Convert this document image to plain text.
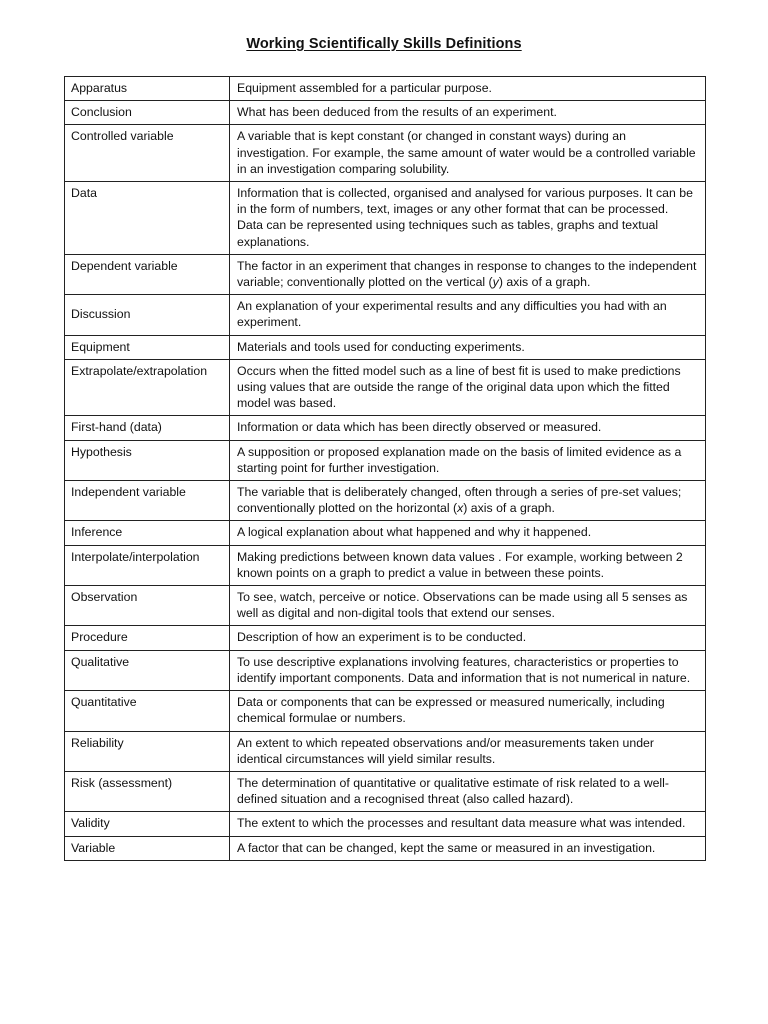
Working Scientifically Skills Definitions
Apparatus	Equipment assembled for a particular purpose.
Conclusion	What has been deduced from the results of an experiment.
Controlled variable	A variable that is kept constant (or changed in constant ways) during an investigation. For example, the same amount of water would be a controlled variable in an investigation comparing solubility.
Data	Information that is collected, organised and analysed for various purposes. It can be in the form of numbers, text, images or any other format that can be processed. Data can be represented using techniques such as tables, graphs and textual explanations.
Dependent variable	The factor in an experiment that changes in response to changes to the independent variable; conventionally plotted on the vertical (y) axis of a graph.
Discussion	An explanation of your experimental results and any difficulties you had with an experiment.
Equipment	Materials and tools used for conducting experiments.
Extrapolate/extrapolation	Occurs when the fitted model such as a line of best fit is used to make predictions using values that are outside the range of the original data upon which the fitted model was based.
First-hand (data)	Information or data which has been directly observed or measured.
Hypothesis	A supposition or proposed explanation made on the basis of limited evidence as a starting point for further investigation.
Independent variable	The variable that is deliberately changed, often through a series of pre-set values; conventionally plotted on the horizontal (x) axis of a graph.
Inference	A logical explanation about what happened and why it happened.
Interpolate/interpolation	Making predictions between known data values . For example, working between 2 known points on a graph to predict a value in between these points.
Observation	To see, watch, perceive or notice. Observations can be made using all 5 senses as well as digital and non-digital tools that extend our senses.
Procedure	Description of how an experiment is to be conducted.
Qualitative	To use descriptive explanations involving features, characteristics or properties to identify important components. Data and information that is not numerical in nature.
Quantitative	Data or components that can be expressed or measured numerically, including chemical formulae or numbers.
Reliability	An extent to which repeated observations and/or measurements taken under identical circumstances will yield similar results.
Risk (assessment)	The determination of quantitative or qualitative estimate of risk related to a well-defined situation and a recognised threat (also called hazard).
Validity	The extent to which the processes and resultant data measure what was intended.
Variable	A factor that can be changed, kept the same or measured in an investigation.
